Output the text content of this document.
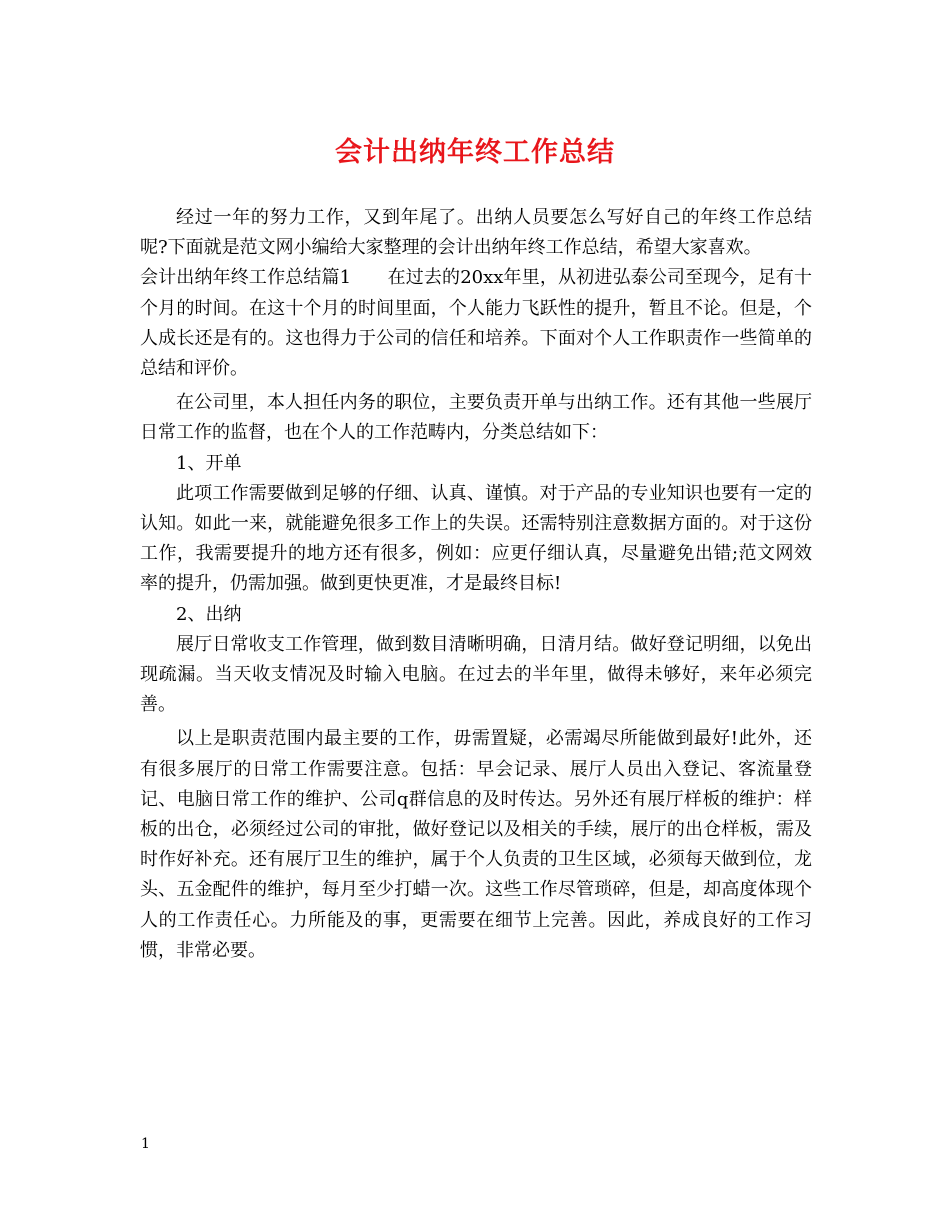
会计出纳年终工作总结

经过一年的努力工作，又到年尾了。出纳人员要怎么写好自己的年终工作总结呢?下面就是范文网小编给大家整理的会计出纳年终工作总结，希望大家喜欢。

会计出纳年终工作总结篇1　　在过去的20xx年里，从初进弘泰公司至现今，足有十个月的时间。在这十个月的时间里面，个人能力飞跃性的提升，暂且不论。但是，个人成长还是有的。这也得力于公司的信任和培养。下面对个人工作职责作一些简单的总结和评价。

在公司里，本人担任内务的职位，主要负责开单与出纳工作。还有其他一些展厅日常工作的监督，也在个人的工作范畴内，分类总结如下：

1、开单

此项工作需要做到足够的仔细、认真、谨慎。对于产品的专业知识也要有一定的认知。如此一来，就能避免很多工作上的失误。还需特别注意数据方面的。对于这份工作，我需要提升的地方还有很多，例如：应更仔细认真，尽量避免出错;范文网效率的提升，仍需加强。做到更快更准，才是最终目标!

2、出纳

展厅日常收支工作管理，做到数目清晰明确，日清月结。做好登记明细，以免出现疏漏。当天收支情况及时输入电脑。在过去的半年里，做得未够好，来年必须完善。

以上是职责范围内最主要的工作，毋需置疑，必需竭尽所能做到最好!此外，还有很多展厅的日常工作需要注意。包括：早会记录、展厅人员出入登记、客流量登记、电脑日常工作的维护、公司q群信息的及时传达。另外还有展厅样板的维护：样板的出仓，必须经过公司的审批，做好登记以及相关的手续，展厅的出仓样板，需及时作好补充。还有展厅卫生的维护，属于个人负责的卫生区域，必须每天做到位，龙头、五金配件的维护，每月至少打蜡一次。这些工作尽管琐碎，但是，却高度体现个人的工作责任心。力所能及的事，更需要在细节上完善。因此，养成良好的工作习惯，非常必要。

1
